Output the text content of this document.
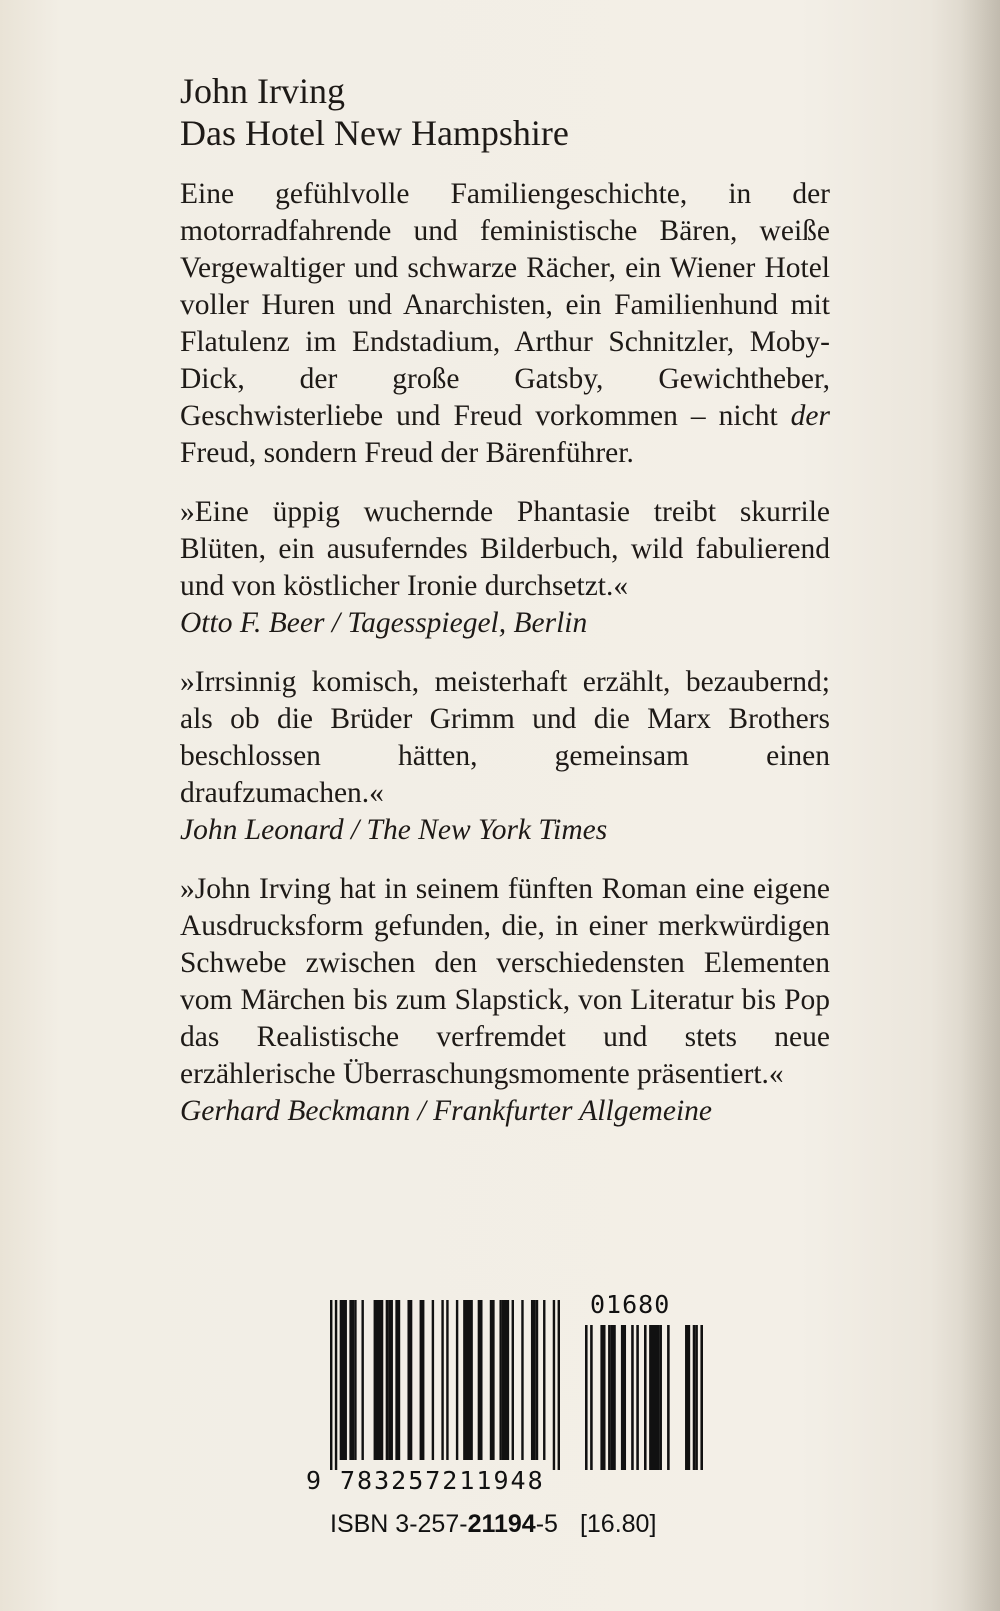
John Irving

Das Hotel New Hampshire

Eine gefühlvolle Familiengeschichte, in der motorradfahrende und feministische Bären, weiße Vergewaltiger und schwarze Rächer, ein Wiener Hotel voller Huren und Anarchisten, ein Familienhund mit Flatulenz im Endstadium, Arthur Schnitzler, Moby-Dick, der große Gatsby, Gewichtheber, Geschwisterliebe und Freud vorkommen – nicht der Freud, sondern Freud der Bärenführer.

»Eine üppig wuchernde Phantasie treibt skurrile Blüten, ein ausuferndes Bilderbuch, wild fabulierend und von köstlicher Ironie durchsetzt.«

Otto F. Beer / Tagesspiegel, Berlin

»Irrsinnig komisch, meisterhaft erzählt, bezaubernd; als ob die Brüder Grimm und die Marx Brothers beschlossen hätten, gemeinsam einen draufzumachen.«

John Leonard / The New York Times

»John Irving hat in seinem fünften Roman eine eigene Ausdrucksform gefunden, die, in einer merkwürdigen Schwebe zwischen den verschiedensten Elementen vom Märchen bis zum Slapstick, von Literatur bis Pop das Realistische verfremdet und stets neue erzählerische Überraschungsmomente präsentiert.«

Gerhard Beckmann / Frankfurter Allgemeine

01680
9 783257211948
ISBN 3-257-21194-5 [16.80]
